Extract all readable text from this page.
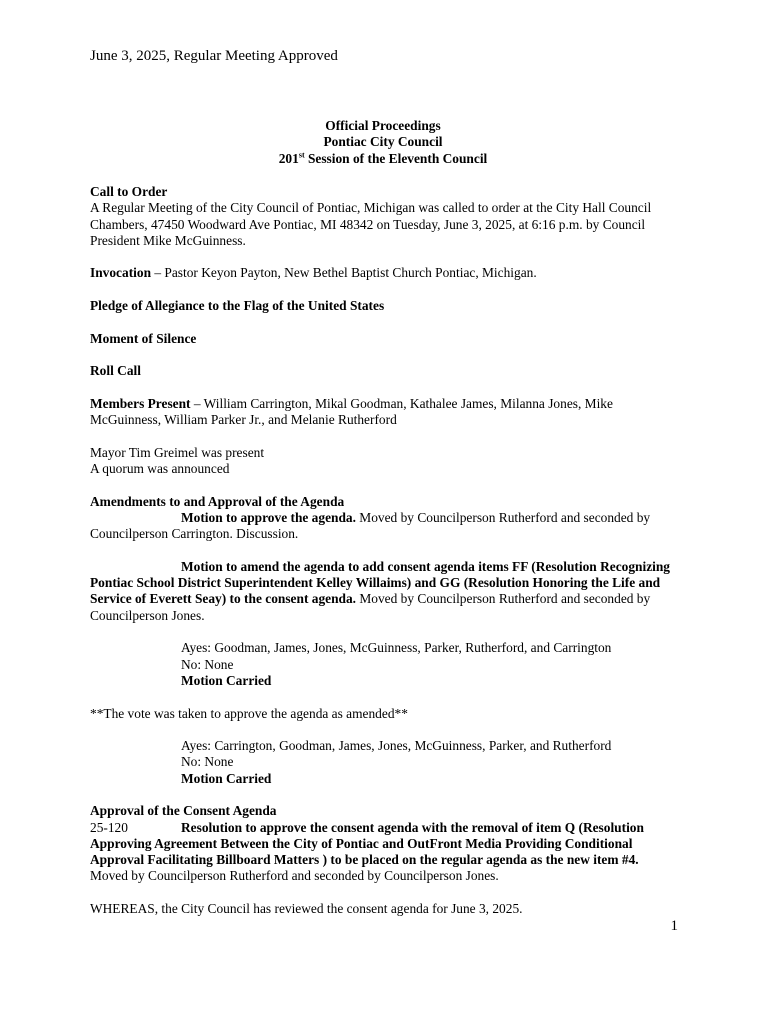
June 3, 2025, Regular Meeting Approved

Official Proceedings

Pontiac City Council

201st Session of the Eleventh Council

Call to Order

A Regular Meeting of the City Council of Pontiac, Michigan was called to order at the City Hall Council Chambers, 47450 Woodward Ave Pontiac, MI 48342 on Tuesday, June 3, 2025, at 6:16 p.m. by Council President Mike McGuinness.

Invocation – Pastor Keyon Payton, New Bethel Baptist Church Pontiac, Michigan.

Pledge of Allegiance to the Flag of the United States

Moment of Silence

Roll Call

Members Present – William Carrington, Mikal Goodman, Kathalee James, Milanna Jones, Mike McGuinness, William Parker Jr., and Melanie Rutherford

Mayor Tim Greimel was present

A quorum was announced

Amendments to and Approval of the Agenda

Motion to approve the agenda. Moved by Councilperson Rutherford and seconded by Councilperson Carrington. Discussion.

Motion to amend the agenda to add consent agenda items FF (Resolution Recognizing Pontiac School District Superintendent Kelley Willaims) and GG (Resolution Honoring the Life and Service of Everett Seay) to the consent agenda. Moved by Councilperson Rutherford and seconded by Councilperson Jones.

Ayes: Goodman, James, Jones, McGuinness, Parker, Rutherford, and Carrington

No: None

Motion Carried

**The vote was taken to approve the agenda as amended**

Ayes: Carrington, Goodman, James, Jones, McGuinness, Parker, and Rutherford

No: None

Motion Carried

Approval of the Consent Agenda

25-120	Resolution to approve the consent agenda with the removal of item Q (Resolution Approving Agreement Between the City of Pontiac and OutFront Media Providing Conditional Approval Facilitating Billboard Matters ) to be placed on the regular agenda as the new item #4.

Moved by Councilperson Rutherford and seconded by Councilperson Jones.

WHEREAS, the City Council has reviewed the consent agenda for June 3, 2025.

1
